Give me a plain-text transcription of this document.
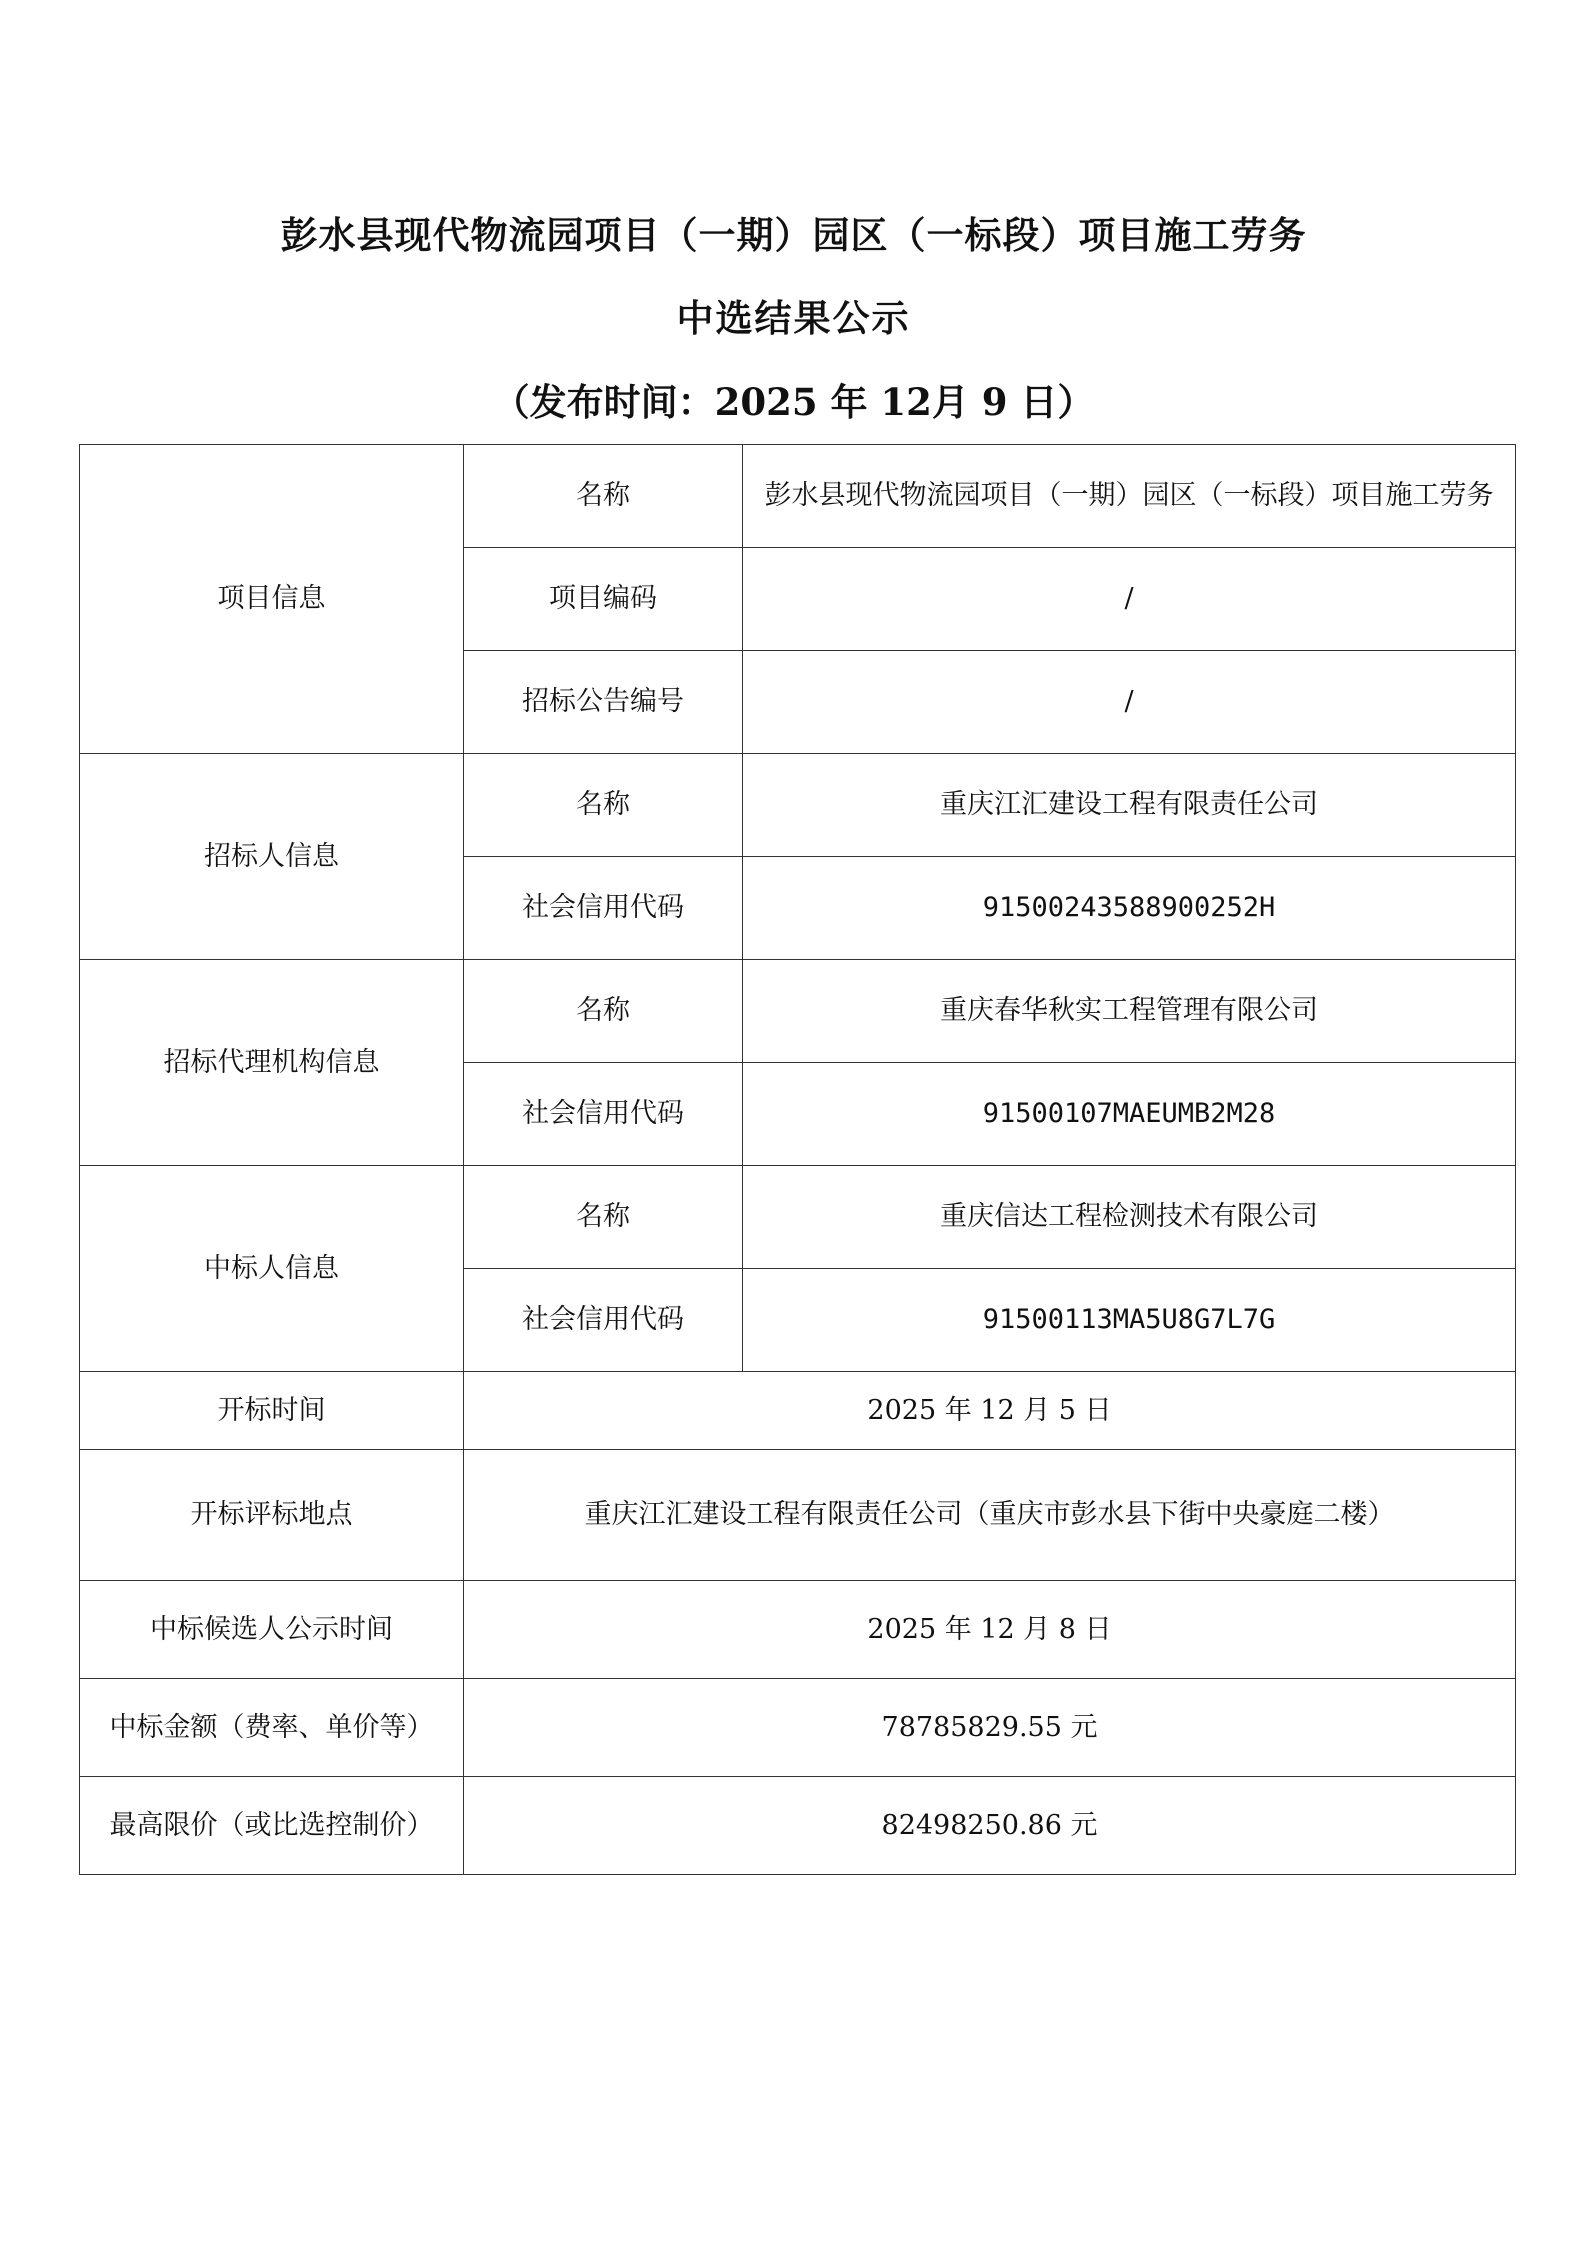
彭水县现代物流园项目（一期）园区（一标段）项目施工劳务
中选结果公示
（发布时间：2025 年 12月 9 日）
项目信息	名称	彭水县现代物流园项目（一期）园区（一标段）项目施工劳务
	项目编码	/
	招标公告编号	/
招标人信息	名称	重庆江汇建设工程有限责任公司
	社会信用代码	91500243588900252H
招标代理机构信息	名称	重庆春华秋实工程管理有限公司
	社会信用代码	91500107MAEUMB2M28
中标人信息	名称	重庆信达工程检测技术有限公司
	社会信用代码	91500113MA5U8G7L7G
开标时间	2025 年 12 月 5 日	
开标评标地点	重庆江汇建设工程有限责任公司（重庆市彭水县下街中央豪庭二楼）	
中标候选人公示时间	2025 年 12 月 8 日	
中标金额（费率、单价等）	78785829.55 元	
最高限价（或比选控制价）	82498250.86 元	
